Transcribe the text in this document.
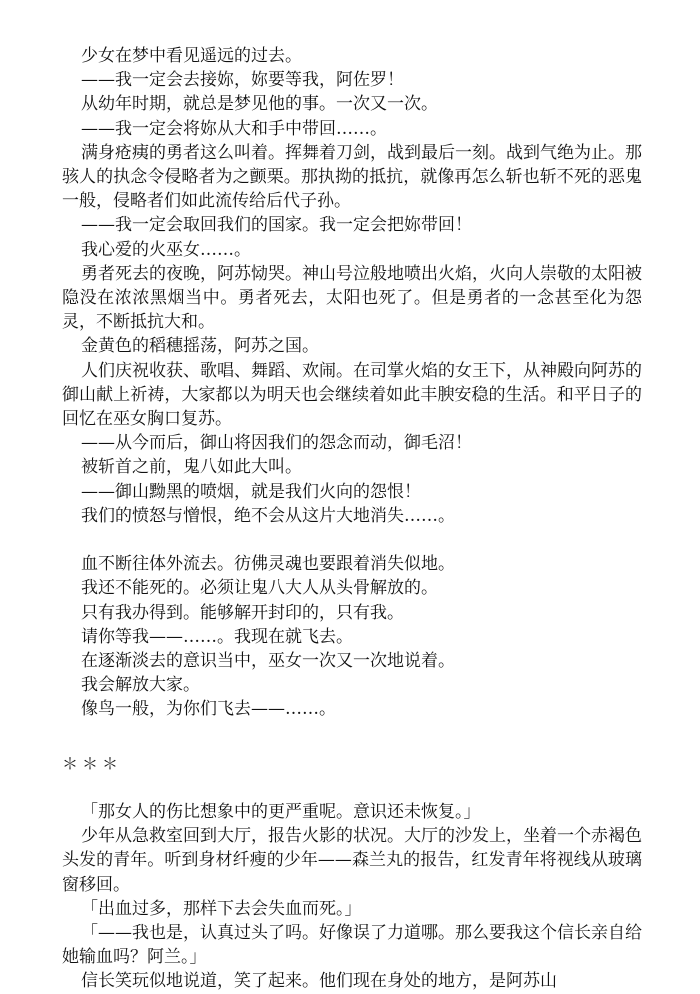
少女在梦中看见遥远的过去。

——我一定会去接妳，妳要等我，阿佐罗！

从幼年时期，就总是梦见他的事。一次又一次。

——我一定会将妳从大和手中带回……。

满身疮痍的勇者这么叫着。挥舞着刀剑，战到最后一刻。战到气绝为止。那骇人的执念令侵略者为之颤栗。那执拗的抵抗，就像再怎么斩也斩不死的恶鬼一般，侵略者们如此流传给后代子孙。

——我一定会取回我们的国家。我一定会把妳带回！

我心爱的火巫女……。

勇者死去的夜晚，阿苏恸哭。神山号泣般地喷出火焰，火向人崇敬的太阳被隐没在浓浓黑烟当中。勇者死去，太阳也死了。但是勇者的一念甚至化为怨灵，不断抵抗大和。

金黄色的稻穗摇荡，阿苏之国。

人们庆祝收获、歌唱、舞蹈、欢闹。在司掌火焰的女王下，从神殿向阿苏的御山献上祈祷，大家都以为明天也会继续着如此丰腴安稳的生活。和平日子的回忆在巫女胸口复苏。

——从今而后，御山将因我们的怨念而动，御毛沼！

被斩首之前，鬼八如此大叫。

——御山黝黑的喷烟，就是我们火向的怨恨！

我们的愤怒与憎恨，绝不会从这片大地消失……。

血不断往体外流去。彷佛灵魂也要跟着消失似地。

我还不能死的。必须让鬼八大人从头骨解放的。

只有我办得到。能够解开封印的，只有我。

请你等我——……。我现在就飞去。

在逐渐淡去的意识当中，巫女一次又一次地说着。

我会解放大家。

像鸟一般，为你们飞去——……。

＊＊＊

「那女人的伤比想象中的更严重呢。意识还未恢复。」

少年从急救室回到大厅，报告火影的状况。大厅的沙发上，坐着一个赤褐色头发的青年。听到身材纤瘦的少年——森兰丸的报告，红发青年将视线从玻璃窗移回。

「出血过多，那样下去会失血而死。」

「——我也是，认真过头了吗。好像误了力道哪。那么要我这个信长亲自给她输血吗？阿兰。」

信长笑玩似地说道，笑了起来。他们现在身处的地方，是阿苏山
